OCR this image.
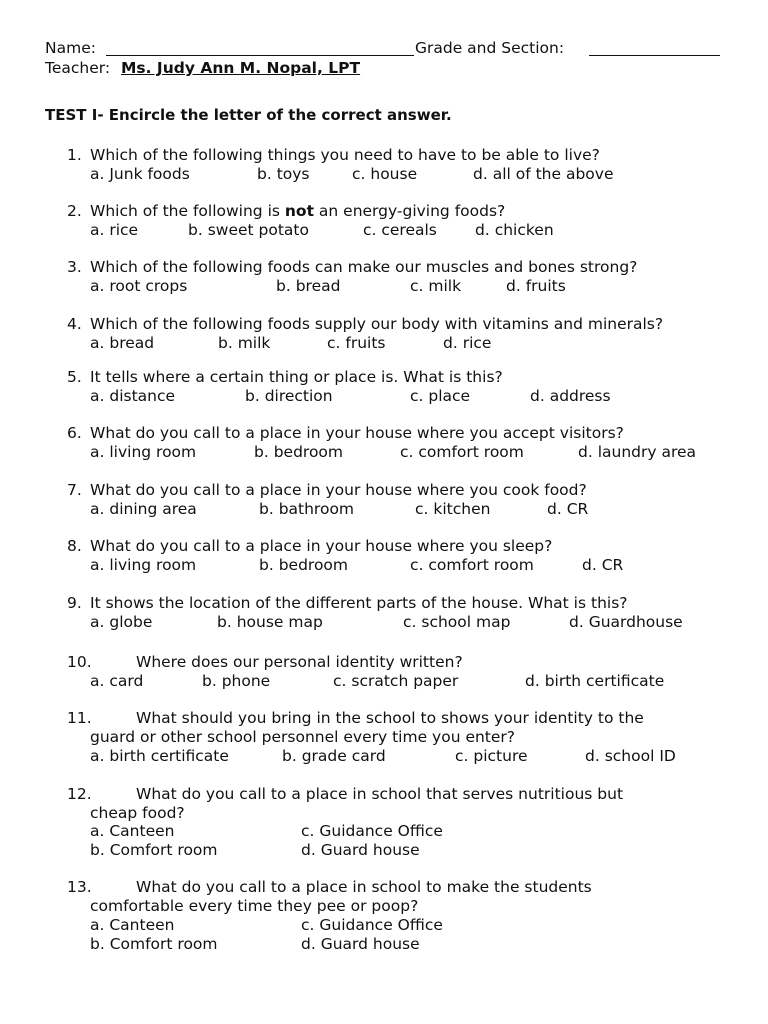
Name:	Grade and Section:
Teacher: Ms. Judy Ann M. Nopal, LPT
TEST I- Encircle the letter of the correct answer.
1. Which of the following things you need to have to be able to live?
a. Junk foods	b. toys	c. house	d. all of the above
2. Which of the following is not an energy-giving foods?
a. rice	b. sweet potato	c. cereals d. chicken
3. Which of the following foods can make our muscles and bones strong?
a. root crops	b. bread	c. milk	d. fruits
4. Which of the following foods supply our body with vitamins and minerals?
a. bread	b. milk	c. fruits	d. rice
5. It tells where a certain thing or place is. What is this?
a. distance	b. direction	c. place	d. address
6. What do you call to a place in your house where you accept visitors?
a. living room	b. bedroom	c. comfort room	d. laundry area
7. What do you call to a place in your house where you cook food?
a. dining area	b. bathroom	c. kitchen	d. CR
8. What do you call to a place in your house where you sleep?
a. living room	b. bedroom	c. comfort room	d. CR
9. It shows the location of the different parts of the house. What is this?
a. globe	b. house map	c. school map	d. Guardhouse
10.	Where does our personal identity written?
a. card	b. phone	c. scratch paper	d. birth certificate
11.	What should you bring in the school to shows your identity to the
guard or other school personnel every time you enter?
a. birth certificate	b. grade card	c. picture	d. school ID
12.	What do you call to a place in school that serves nutritious but
cheap food?
a. Canteen	c. Guidance Office
b. Comfort room	d. Guard house
13.	What do you call to a place in school to make the students
comfortable every time they pee or poop?
a. Canteen	c. Guidance Office
b. Comfort room	d. Guard house
